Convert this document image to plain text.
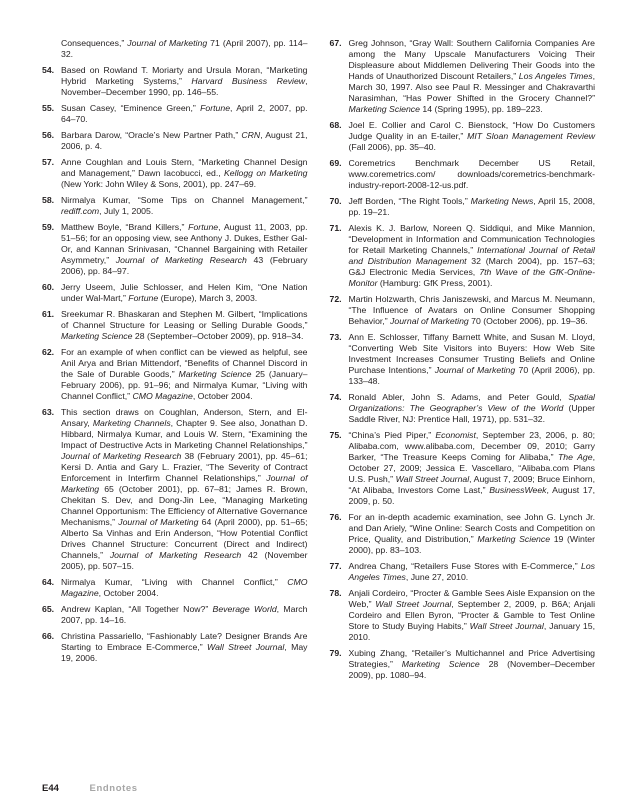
Consequences,” Journal of Marketing 71 (April 2007), pp. 114–32.
54. Based on Rowland T. Moriarty and Ursula Moran, “Marketing Hybrid Marketing Systems,” Harvard Business Review, November–December 1990, pp. 146–55.
55. Susan Casey, “Eminence Green,” Fortune, April 2, 2007, pp. 64–70.
56. Barbara Darow, “Oracle’s New Partner Path,” CRN, August 21, 2006, p. 4.
57. Anne Coughlan and Louis Stern, “Marketing Channel Design and Management,” Dawn Iacobucci, ed., Kellogg on Marketing (New York: John Wiley & Sons, 2001), pp. 247–69.
58. Nirmalya Kumar, “Some Tips on Channel Management,” rediff.com, July 1, 2005.
59. Matthew Boyle, “Brand Killers,” Fortune, August 11, 2003, pp. 51–56; for an opposing view, see Anthony J. Dukes, Esther Gal-Or, and Kannan Srinivasan, “Channel Bargaining with Retailer Asymmetry,” Journal of Marketing Research 43 (February 2006), pp. 84–97.
60. Jerry Useem, Julie Schlosser, and Helen Kim, “One Nation under Wal-Mart,” Fortune (Europe), March 3, 2003.
61. Sreekumar R. Bhaskaran and Stephen M. Gilbert, “Implications of Channel Structure for Leasing or Selling Durable Goods,” Marketing Science 28 (September–October 2009), pp. 918–34.
62. For an example of when conflict can be viewed as helpful, see Anil Arya and Brian Mittendorf, “Benefits of Channel Discord in the Sale of Durable Goods,” Marketing Science 25 (January–February 2006), pp. 91–96; and Nirmalya Kumar, “Living with Channel Conflict,” CMO Magazine, October 2004.
63. This section draws on Coughlan, Anderson, Stern, and El-Ansary, Marketing Channels, Chapter 9. See also, Jonathan D. Hibbard, Nirmalya Kumar, and Louis W. Stern, “Examining the Impact of Destructive Acts in Marketing Channel Relationships,” Journal of Marketing Research 38 (February 2001), pp. 45–61; Kersi D. Antia and Gary L. Frazier, “The Severity of Contract Enforcement in Interfirm Channel Relationships,” Journal of Marketing 65 (October 2001), pp. 67–81; James R. Brown, Chekitan S. Dev, and Dong-Jin Lee, “Managing Marketing Channel Opportunism: The Efficiency of Alternative Governance Mechanisms,” Journal of Marketing 64 (April 2000), pp. 51–65; Alberto Sa Vinhas and Erin Anderson, “How Potential Conflict Drives Channel Structure: Concurrent (Direct and Indirect) Channels,” Journal of Marketing Research 42 (November 2005), pp. 507–15.
64. Nirmalya Kumar, “Living with Channel Conflict,” CMO Magazine, October 2004.
65. Andrew Kaplan, “All Together Now?” Beverage World, March 2007, pp. 14–16.
66. Christina Passariello, “Fashionably Late? Designer Brands Are Starting to Embrace E-Commerce,” Wall Street Journal, May 19, 2006.
67. Greg Johnson, “Gray Wall: Southern California Companies Are among the Many Upscale Manufacturers Voicing Their Displeasure about Middlemen Delivering Their Goods into the Hands of Unauthorized Discount Retailers,” Los Angeles Times, March 30, 1997. Also see Paul R. Messinger and Chakravarthi Narasimhan, “Has Power Shifted in the Grocery Channel?” Marketing Science 14 (Spring 1995), pp. 189–223.
68. Joel E. Collier and Carol C. Bienstock, “How Do Customers Judge Quality in an E-tailer,” MIT Sloan Management Review (Fall 2006), pp. 35–40.
69. Coremetrics Benchmark December US Retail, www.coremetrics.com/ downloads/coremetrics-benchmark-industry-report-2008-12-us.pdf.
70. Jeff Borden, “The Right Tools,” Marketing News, April 15, 2008, pp. 19–21.
71. Alexis K. J. Barlow, Noreen Q. Siddiqui, and Mike Mannion, “Development in Information and Communication Technologies for Retail Marketing Channels,” International Journal of Retail and Distribution Management 32 (March 2004), pp. 157–63; G&J Electronic Media Services, 7th Wave of the GfK-Online-Monitor (Hamburg: GfK Press, 2001).
72. Martin Holzwarth, Chris Janiszewski, and Marcus M. Neumann, “The Influence of Avatars on Online Consumer Shopping Behavior,” Journal of Marketing 70 (October 2006), pp. 19–36.
73. Ann E. Schlosser, Tiffany Barnett White, and Susan M. Lloyd, “Converting Web Site Visitors into Buyers: How Web Site Investment Increases Consumer Trusting Beliefs and Online Purchase Intentions,” Journal of Marketing 70 (April 2006), pp. 133–48.
74. Ronald Abler, John S. Adams, and Peter Gould, Spatial Organizations: The Geographer’s View of the World (Upper Saddle River, NJ: Prentice Hall, 1971), pp. 531–32.
75. “China’s Pied Piper,” Economist, September 23, 2006, p. 80; Alibaba.com, www.alibaba.com, December 09, 2010; Garry Barker, “The Treasure Keeps Coming for Alibaba,” The Age, October 27, 2009; Jessica E. Vascellaro, “Alibaba.com Plans U.S. Push,” Wall Street Journal, August 7, 2009; Bruce Einhorn, “At Alibaba, Investors Come Last,” BusinessWeek, August 17, 2009, p. 50.
76. For an in-depth academic examination, see John G. Lynch Jr. and Dan Ariely, “Wine Online: Search Costs and Competition on Price, Quality, and Distribution,” Marketing Science 19 (Winter 2000), pp. 83–103.
77. Andrea Chang, “Retailers Fuse Stores with E-Commerce,” Los Angeles Times, June 27, 2010.
78. Anjali Cordeiro, “Procter & Gamble Sees Aisle Expansion on the Web,” Wall Street Journal, September 2, 2009, p. B6A; Anjali Cordeiro and Ellen Byron, “Procter & Gamble to Test Online Store to Study Buying Habits,” Wall Street Journal, January 15, 2010.
79. Xubing Zhang, “Retailer’s Multichannel and Price Advertising Strategies,” Marketing Science 28 (November–December 2009), pp. 1080–94.
E44	Endnotes
